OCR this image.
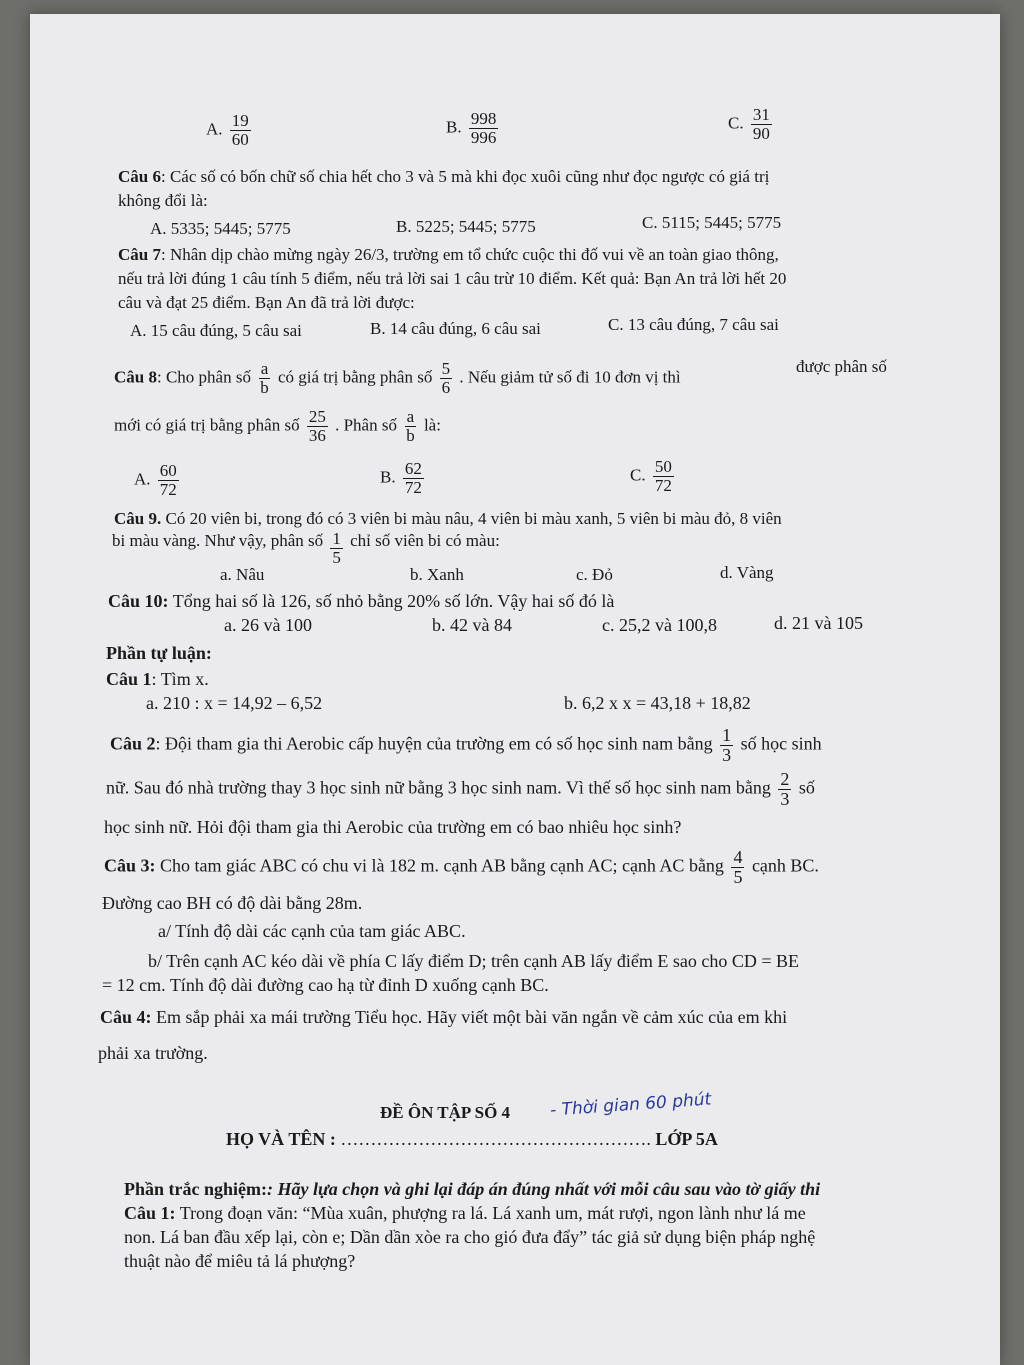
A. $\frac{19}{60}$	B. $\frac{998}{996}$	C. $\frac{31}{90}$
Câu 6: Các số có bốn chữ số chia hết cho 3 và 5 mà khi đọc xuôi cũng như đọc ngược có giá trị
không đổi là:
A. 5335; 5445; 5775	B. 5225; 5445; 5775	C. 5115; 5445; 5775
Câu 7: Nhân dịp chào mừng ngày 26/3, trường em tổ chức cuộc thi đố vui về an toàn giao thông,
nếu trả lời đúng 1 câu tính 5 điểm, nếu trả lời sai 1 câu trừ 10 điểm. Kết quả: Bạn An trả lời hết 20
câu và đạt 25 điểm. Bạn An đã trả lời được:
A. 15 câu đúng, 5 câu sai	B. 14 câu đúng, 6 câu sai	C. 13 câu đúng, 7 câu sai
Câu 8: Cho phân số $\frac{a}{b}$ có giá trị bằng phân số $\frac{5}{6}$ . Nếu giảm tử số đi 10 đơn vị thì
được phân số
mới có giá trị bằng phân số $\frac{25}{36}$ . Phân số $\frac{a}{b}$ là:
A. $\frac{60}{72}$	B. $\frac{62}{72}$	C. $\frac{50}{72}$
Câu 9. Có 20 viên bi, trong đó có 3 viên bi màu nâu, 4 viên bi màu xanh, 5 viên bi màu đỏ, 8 viên
bi màu vàng. Như vậy, phân số $\frac{1}{5}$ chỉ số viên bi có màu:
a. Nâu	b. Xanh	c. Đỏ	d. Vàng
Câu 10: Tổng hai số là 126, số nhỏ bằng 20% số lớn. Vậy hai số đó là
a. 26 và 100	b. 42 và 84	c. 25,2 và 100,8	d. 21 và 105
Phần tự luận:
Câu 1: Tìm x.
a. 210 : x = 14,92 – 6,52	b. 6,2 x x = 43,18 + 18,82
Câu 2: Đội tham gia thi Aerobic cấp huyện của trường em có số học sinh nam bằng $\frac{1}{3}$ số học sinh
nữ. Sau đó nhà trường thay 3 học sinh nữ bằng 3 học sinh nam. Vì thế số học sinh nam bằng $\frac{2}{3}$ số
học sinh nữ. Hỏi đội tham gia thi Aerobic của trường em có bao nhiêu học sinh?
Câu 3: Cho tam giác ABC có chu vi là 182 m. cạnh AB bằng cạnh AC; cạnh AC bằng $\frac{4}{5}$ cạnh BC.
Đường cao BH có độ dài bằng 28m.
a/ Tính độ dài các cạnh của tam giác ABC.
b/ Trên cạnh AC kéo dài về phía C lấy điểm D; trên cạnh AB lấy điểm E sao cho CD = BE
= 12 cm. Tính độ dài đường cao hạ từ đỉnh D xuống cạnh BC.
Câu 4: Em sắp phải xa mái trường Tiểu học. Hãy viết một bài văn ngắn về cảm xúc của em khi
phải xa trường.
ĐỀ ÔN TẬP SỐ 4 - Thời gian 60 phút
HỌ VÀ TÊN : ……………………………………………. LỚP 5A
Phần trắc nghiệm:: Hãy lựa chọn và ghi lại đáp án đúng nhất với mỗi câu sau vào tờ giấy thi
Câu 1: Trong đoạn văn: “Mùa xuân, phượng ra lá. Lá xanh um, mát rượi, ngon lành như lá me
non. Lá ban đầu xếp lại, còn e; Dần dần xòe ra cho gió đưa đẩy” tác giả sử dụng biện pháp nghệ
thuật nào để miêu tả lá phượng?
